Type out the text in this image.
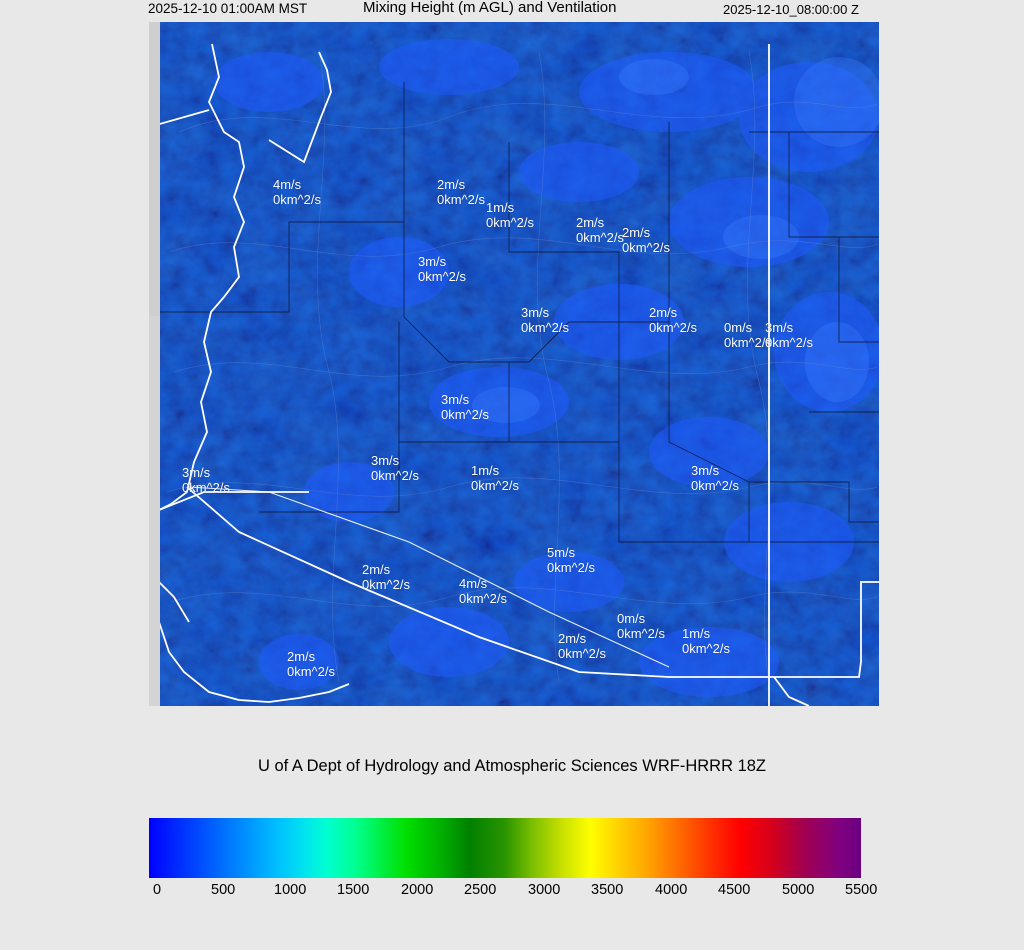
2025-12-10 01:00AM MST	Mixing Height (m AGL) and Ventilation	2025-12-10_08:00:00 Z
4m/s
0km^2/s
2m/s
0km^2/s
1m/s
0km^2/s	2m/s
0km^2/s
2m/s
0km^2/s
3m/s
0km^2/s
3m/s
0km^2/s
2m/s
0km^2/s 0m/s
0km^2/s
3m/s
0km^2/s
3m/s
0km^2/s
3m/s
0km^2/s	1m/s
0km^2/s
3m/s
0km^2/s
3m/s
0km^2/s
5m/s
0km^2/s
2m/s
0km^2/s	4m/s
0km^2/s
0m/s
0km^2/s
2m/s
0km^2/s
1m/s
0km^2/s
2m/s
0km^2/s
U of A Dept of Hydrology and Atmospheric Sciences WRF-HRRR 18Z
0	500	1000 1500 2000 2500 3000 3500 4000 4500 5000 5500
